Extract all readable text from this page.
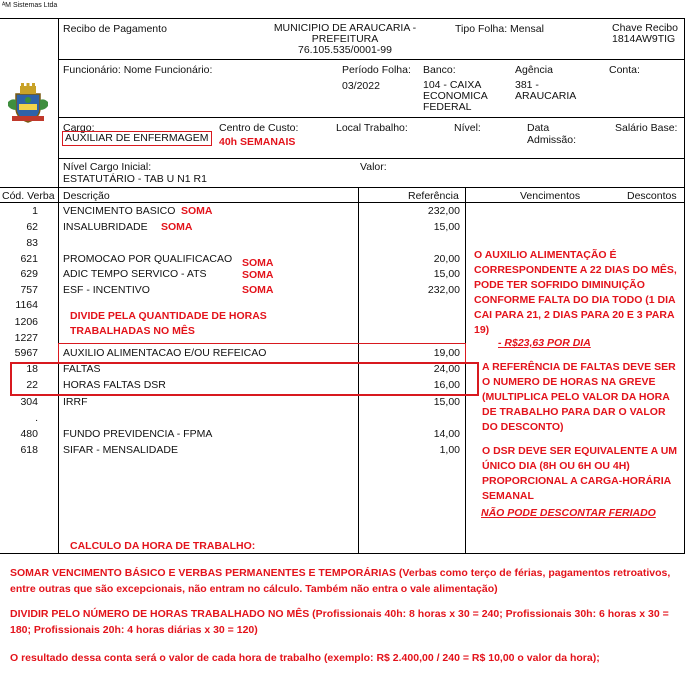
ᴬM Sistemas Ltda
Recibo de Pagamento	MUNICIPIO DE ARAUCARIA -
PREFEITURA
76.105.535/0001-99
Tipo Folha: Mensal	Chave Recibo
1814AW9TIG
Funcionário: Nome Funcionário:	Período Folha:
03/2022
Banco:
104 - CAIXA
ECONOMICA
FEDERAL
Agência
381 -
ARAUCARIA
Conta:
Cargo:
AUXILIAR DE ENFERMAGEM
Centro de Custo:
40h SEMANAIS
Local Trabalho:	Nível:	Data
Admissão:
Salário Base:
Nível Cargo Inicial:
ESTATUTÁRIO - TAB U N1 R1
Valor:
Cód. Verba Descrição	Referência	Vencimentos	Descontos
1 VENCIMENTO BASICO	232,00
SOMA
62 INSALUBRIDADE	15,00
SOMA
83
621 PROMOCAO POR QUALIFICACAO	20,00
SOMA
629 ADIC TEMPO SERVICO - ATS	15,00
SOMA
757 ESF - INCENTIVO	232,00
SOMA
1164
1206
1227
5967 AUXILIO ALIMENTACAO E/OU REFEICAO	19,00
18 FALTAS	24,00
22 HORAS FALTAS DSR	16,00
304 IRRF	15,00
.
480 FUNDO PREVIDENCIA - FPMA	14,00
618 SIFAR - MENSALIDADE	1,00
DIVIDE PELA QUANTIDADE DE HORAS
TRABALHADAS NO MÊS
O AUXILIO ALIMENTAÇÃO É CORRESPONDENTE A 22 DIAS DO MÊS, PODE TER SOFRIDO DIMINUIÇÃO CONFORME FALTA DO DIA TODO (1 DIA CAI PARA 21, 2 DIAS PARA 20 E 3 PARA 19)
- R$23,63 POR DIA
A REFERÊNCIA DE FALTAS DEVE SER O NUMERO DE HORAS NA GREVE (MULTIPLICA PELO VALOR DA HORA DE TRABALHO PARA DAR O VALOR DO DESCONTO)
O DSR DEVE SER EQUIVALENTE A UM ÚNICO DIA (8H OU 6H OU 4H) PROPORCIONAL A CARGA-HORÁRIA SEMANAL
NÃO PODE DESCONTAR FERIADO
CALCULO DA HORA DE TRABALHO:
SOMAR VENCIMENTO BÁSICO E VERBAS PERMANENTES E TEMPORÁRIAS (Verbas como terço de férias, pagamentos retroativos, entre outras que são excepcionais, não entram no cálculo. Também não entra o vale alimentação)
DIVIDIR PELO NÚMERO DE HORAS TRABALHADO NO MÊS (Profissionais 40h: 8 horas x 30 = 240; Profissionais 30h: 6 horas x 30 = 180; Profissionais 20h: 4 horas diárias x 30 = 120)
O resultado dessa conta será o valor de cada hora de trabalho (exemplo: R$ 2.400,00 / 240 = R$ 10,00 o valor da hora);
